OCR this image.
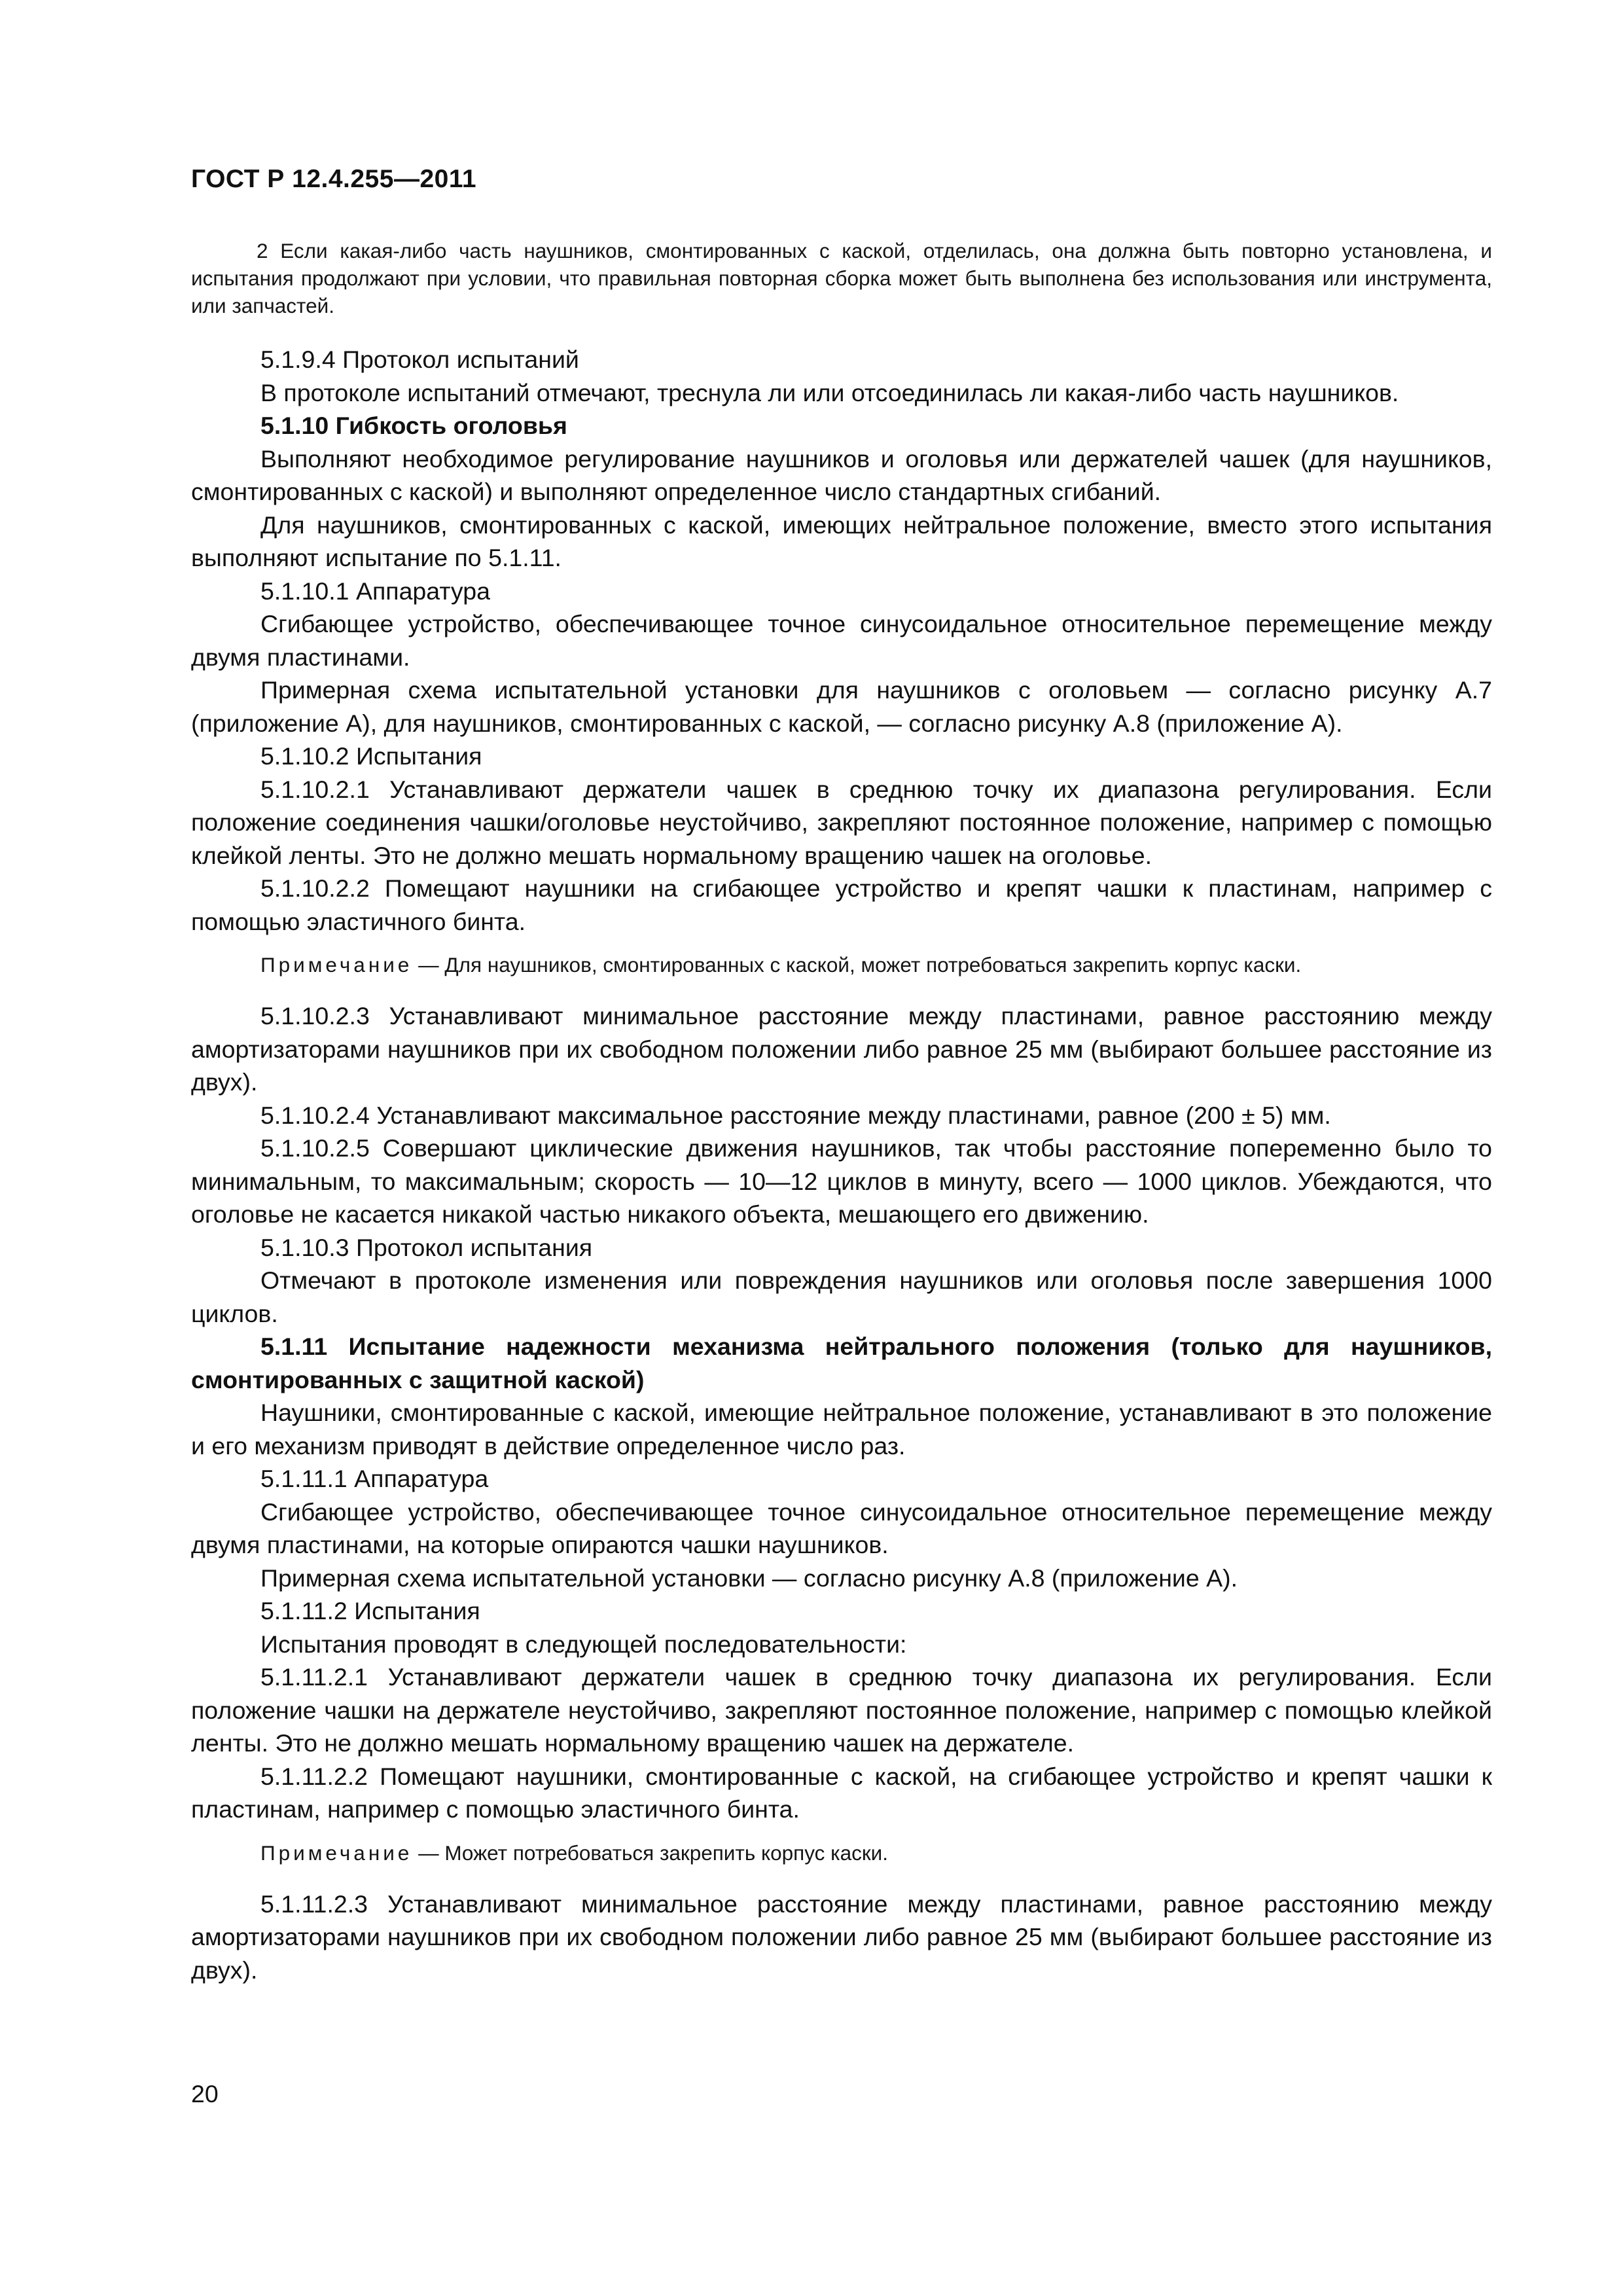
ГОСТ Р 12.4.255—2011

2 Если какая-либо часть наушников, смонтированных с каской, отделилась, она должна быть повторно установлена, и испытания продолжают при условии, что правильная повторная сборка может быть выполнена без использования или инструмента, или запчастей.

5.1.9.4 Протокол испытаний

В протоколе испытаний отмечают, треснула ли или отсоединилась ли какая-либо часть наушников.

5.1.10 Гибкость оголовья

Выполняют необходимое регулирование наушников и оголовья или держателей чашек (для наушников, смонтированных с каской) и выполняют определенное число стандартных сгибаний.

Для наушников, смонтированных с каской, имеющих нейтральное положение, вместо этого испытания выполняют испытание по 5.1.11.

5.1.10.1 Аппаратура

Сгибающее устройство, обеспечивающее точное синусоидальное относительное перемещение между двумя пластинами.

Примерная схема испытательной установки для наушников с оголовьем — согласно рисунку А.7 (приложение А), для наушников, смонтированных с каской, — согласно рисунку А.8 (приложение А).

5.1.10.2 Испытания

5.1.10.2.1 Устанавливают держатели чашек в среднюю точку их диапазона регулирования. Если положение соединения чашки/оголовье неустойчиво, закрепляют постоянное положение, например с помощью клейкой ленты. Это не должно мешать нормальному вращению чашек на оголовье.

5.1.10.2.2 Помещают наушники на сгибающее устройство и крепят чашки к пластинам, например с помощью эластичного бинта.

Примечание — Для наушников, смонтированных с каской, может потребоваться закрепить корпус каски.

5.1.10.2.3 Устанавливают минимальное расстояние между пластинами, равное расстоянию между амортизаторами наушников при их свободном положении либо равное 25 мм (выбирают большее расстояние из двух).

5.1.10.2.4 Устанавливают максимальное расстояние между пластинами, равное (200 ± 5) мм.

5.1.10.2.5 Совершают циклические движения наушников, так чтобы расстояние попеременно было то минимальным, то максимальным; скорость — 10—12 циклов в минуту, всего — 1000 циклов. Убеждаются, что оголовье не касается никакой частью никакого объекта, мешающего его движению.

5.1.10.3 Протокол испытания

Отмечают в протоколе изменения или повреждения наушников или оголовья после завершения 1000 циклов.

5.1.11 Испытание надежности механизма нейтрального положения (только для наушников, смонтированных с защитной каской)

Наушники, смонтированные с каской, имеющие нейтральное положение, устанавливают в это положение и его механизм приводят в действие определенное число раз.

5.1.11.1 Аппаратура

Сгибающее устройство, обеспечивающее точное синусоидальное относительное перемещение между двумя пластинами, на которые опираются чашки наушников.

Примерная схема испытательной установки — согласно рисунку А.8 (приложение А).

5.1.11.2 Испытания

Испытания проводят в следующей последовательности:

5.1.11.2.1 Устанавливают держатели чашек в среднюю точку диапазона их регулирования. Если положение чашки на держателе неустойчиво, закрепляют постоянное положение, например с помощью клейкой ленты. Это не должно мешать нормальному вращению чашек на держателе.

5.1.11.2.2 Помещают наушники, смонтированные с каской, на сгибающее устройство и крепят чашки к пластинам, например с помощью эластичного бинта.

Примечание — Может потребоваться закрепить корпус каски.

5.1.11.2.3 Устанавливают минимальное расстояние между пластинами, равное расстоянию между амортизаторами наушников при их свободном положении либо равное 25 мм (выбирают большее расстояние из двух).

20
